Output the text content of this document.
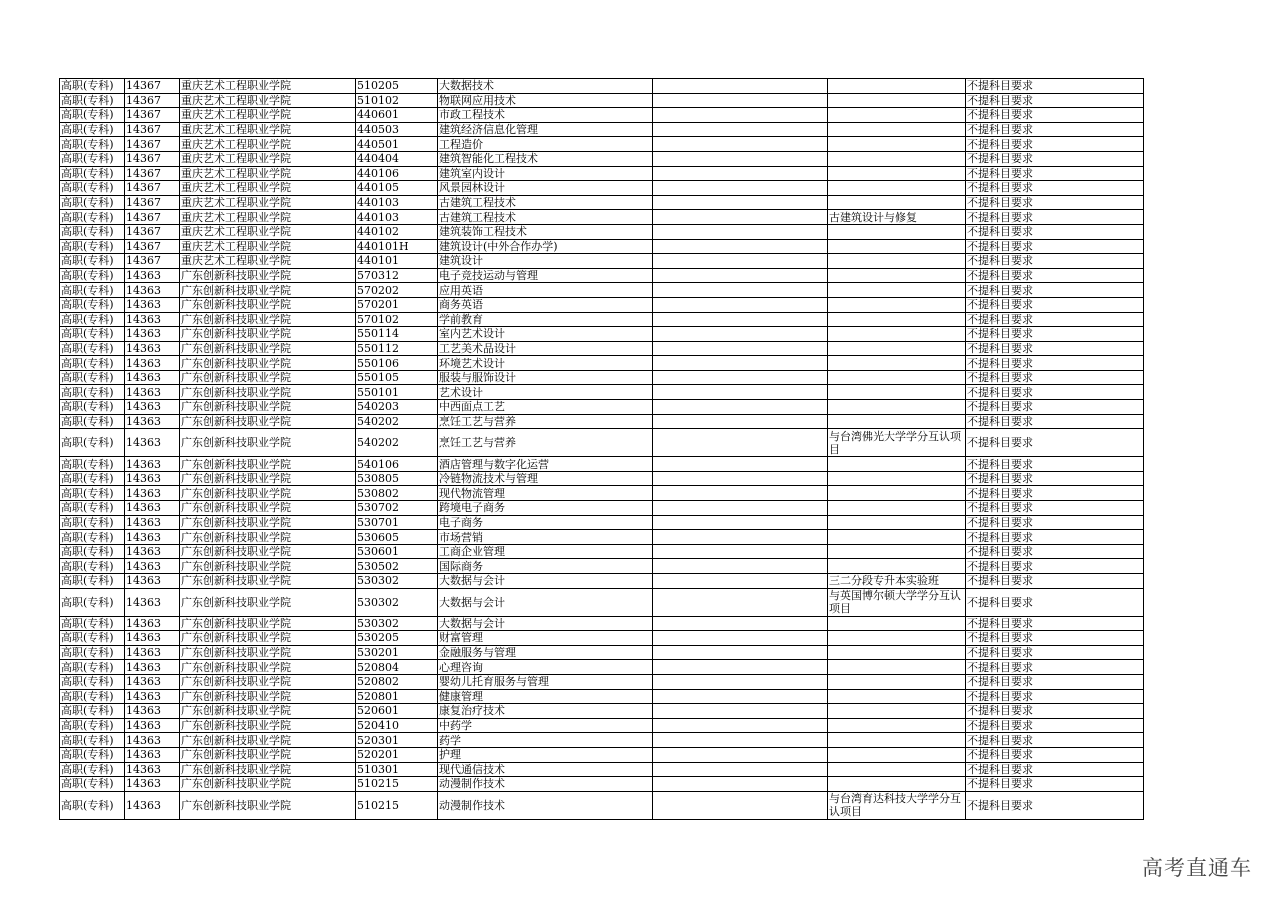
高职(专科)	14367	重庆艺术工程职业学院	510205	大数据技术			不提科目要求
高职(专科)	14367	重庆艺术工程职业学院	510102	物联网应用技术			不提科目要求
高职(专科)	14367	重庆艺术工程职业学院	440601	市政工程技术			不提科目要求
高职(专科)	14367	重庆艺术工程职业学院	440503	建筑经济信息化管理			不提科目要求
高职(专科)	14367	重庆艺术工程职业学院	440501	工程造价			不提科目要求
高职(专科)	14367	重庆艺术工程职业学院	440404	建筑智能化工程技术			不提科目要求
高职(专科)	14367	重庆艺术工程职业学院	440106	建筑室内设计			不提科目要求
高职(专科)	14367	重庆艺术工程职业学院	440105	风景园林设计			不提科目要求
高职(专科)	14367	重庆艺术工程职业学院	440103	古建筑工程技术			不提科目要求
高职(专科)	14367	重庆艺术工程职业学院	440103	古建筑工程技术		古建筑设计与修复	不提科目要求
高职(专科)	14367	重庆艺术工程职业学院	440102	建筑装饰工程技术			不提科目要求
高职(专科)	14367	重庆艺术工程职业学院	440101H	建筑设计(中外合作办学)			不提科目要求
高职(专科)	14367	重庆艺术工程职业学院	440101	建筑设计			不提科目要求
高职(专科)	14363	广东创新科技职业学院	570312	电子竞技运动与管理			不提科目要求
高职(专科)	14363	广东创新科技职业学院	570202	应用英语			不提科目要求
高职(专科)	14363	广东创新科技职业学院	570201	商务英语			不提科目要求
高职(专科)	14363	广东创新科技职业学院	570102	学前教育			不提科目要求
高职(专科)	14363	广东创新科技职业学院	550114	室内艺术设计			不提科目要求
高职(专科)	14363	广东创新科技职业学院	550112	工艺美术品设计			不提科目要求
高职(专科)	14363	广东创新科技职业学院	550106	环境艺术设计			不提科目要求
高职(专科)	14363	广东创新科技职业学院	550105	服装与服饰设计			不提科目要求
高职(专科)	14363	广东创新科技职业学院	550101	艺术设计			不提科目要求
高职(专科)	14363	广东创新科技职业学院	540203	中西面点工艺			不提科目要求
高职(专科)	14363	广东创新科技职业学院	540202	烹饪工艺与营养			不提科目要求
高职(专科)	14363	广东创新科技职业学院	540202	烹饪工艺与营养		与台湾佛光大学学分互认项目	不提科目要求
高职(专科)	14363	广东创新科技职业学院	540106	酒店管理与数字化运营			不提科目要求
高职(专科)	14363	广东创新科技职业学院	530805	冷链物流技术与管理			不提科目要求
高职(专科)	14363	广东创新科技职业学院	530802	现代物流管理			不提科目要求
高职(专科)	14363	广东创新科技职业学院	530702	跨境电子商务			不提科目要求
高职(专科)	14363	广东创新科技职业学院	530701	电子商务			不提科目要求
高职(专科)	14363	广东创新科技职业学院	530605	市场营销			不提科目要求
高职(专科)	14363	广东创新科技职业学院	530601	工商企业管理			不提科目要求
高职(专科)	14363	广东创新科技职业学院	530502	国际商务			不提科目要求
高职(专科)	14363	广东创新科技职业学院	530302	大数据与会计		三二分段专升本实验班	不提科目要求
高职(专科)	14363	广东创新科技职业学院	530302	大数据与会计		与英国博尔顿大学学分互认项目	不提科目要求
高职(专科)	14363	广东创新科技职业学院	530302	大数据与会计			不提科目要求
高职(专科)	14363	广东创新科技职业学院	530205	财富管理			不提科目要求
高职(专科)	14363	广东创新科技职业学院	530201	金融服务与管理			不提科目要求
高职(专科)	14363	广东创新科技职业学院	520804	心理咨询			不提科目要求
高职(专科)	14363	广东创新科技职业学院	520802	婴幼儿托育服务与管理			不提科目要求
高职(专科)	14363	广东创新科技职业学院	520801	健康管理			不提科目要求
高职(专科)	14363	广东创新科技职业学院	520601	康复治疗技术			不提科目要求
高职(专科)	14363	广东创新科技职业学院	520410	中药学			不提科目要求
高职(专科)	14363	广东创新科技职业学院	520301	药学			不提科目要求
高职(专科)	14363	广东创新科技职业学院	520201	护理			不提科目要求
高职(专科)	14363	广东创新科技职业学院	510301	现代通信技术			不提科目要求
高职(专科)	14363	广东创新科技职业学院	510215	动漫制作技术			不提科目要求
高职(专科)	14363	广东创新科技职业学院	510215	动漫制作技术		与台湾育达科技大学学分互认项目	不提科目要求
高考直通车
